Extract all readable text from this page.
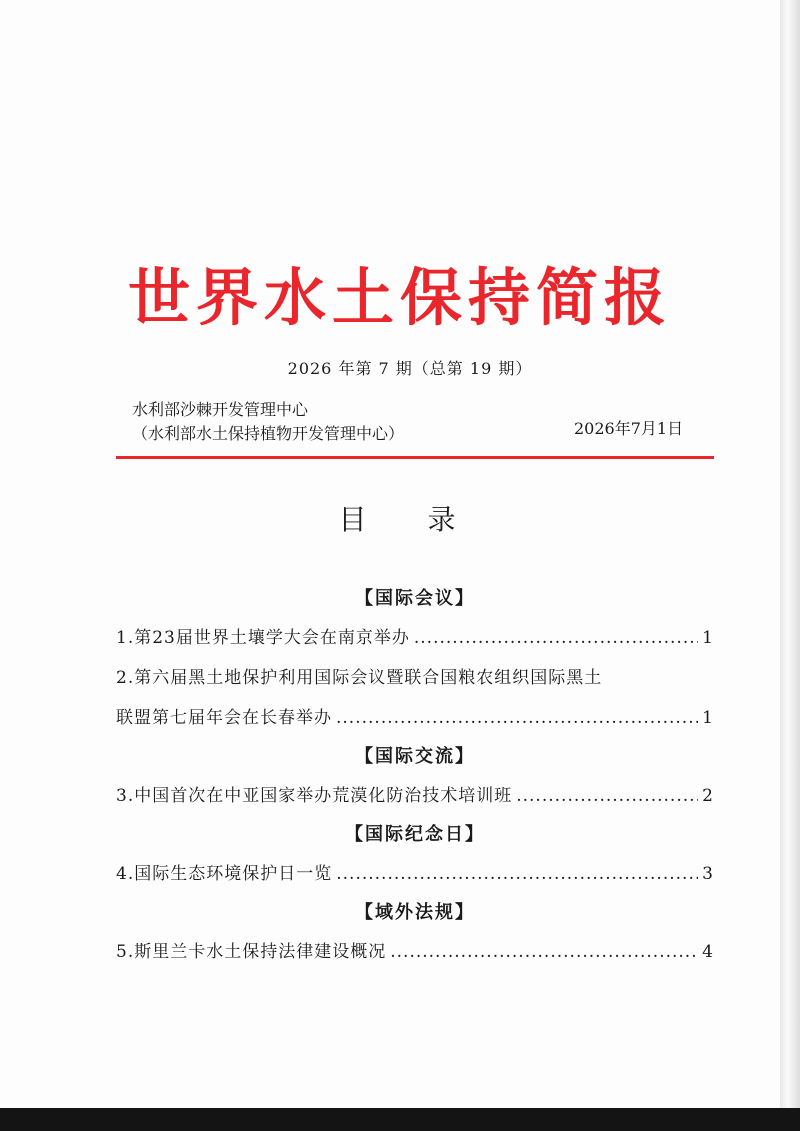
世界水土保持简报
2026 年第 7 期（总第 19 期）
水利部沙棘开发管理中心
（水利部水土保持植物开发管理中心）	2026年7月1日
目 录
【国际会议】
1.第23届世界土壤学大会在南京举办 .....	1
2.第六届黑土地保护利用国际会议暨联合国粮农组织国际黑土
联盟第七届年会在长春举办 .....	1
【国际交流】
3.中国首次在中亚国家举办荒漠化防治技术培训班 .....	2
【国际纪念日】
4.国际生态环境保护日一览 .....	3
【域外法规】
5.斯里兰卡水土保持法律建设概况 .....	4
